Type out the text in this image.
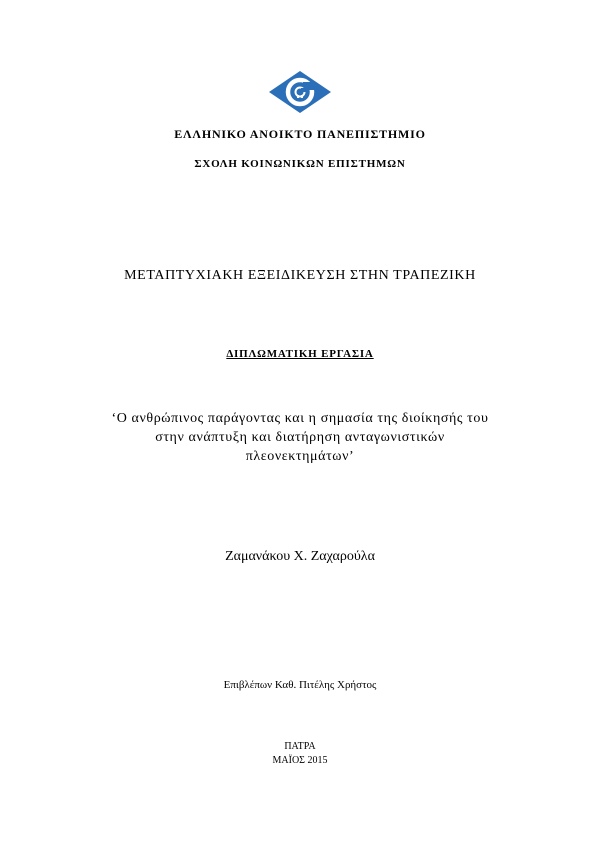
ΕΛΛΗΝΙΚΟ ΑΝΟΙΚΤΟ ΠΑΝΕΠΙΣΤΗΜΙΟ
ΣΧΟΛΗ ΚΟΙΝΩΝΙΚΩΝ ΕΠΙΣΤΗΜΩΝ
ΜΕΤΑΠΤΥΧΙΑΚΗ ΕΞΕΙΔΙΚΕΥΣΗ ΣΤΗΝ ΤΡΑΠΕΖΙΚΗ
ΔΙΠΛΩΜΑΤΙΚΗ ΕΡΓΑΣΙΑ
‘Ο ανθρώπινος παράγοντας και η σημασία της διοίκησής του
στην ανάπτυξη και διατήρηση ανταγωνιστικών
πλεονεκτημάτων’
Ζαμανάκου Χ. Ζαχαρούλα
Επιβλέπων Καθ. Πιτέλης Χρήστος
ΠΑΤΡΑ
ΜΑΪΟΣ 2015
